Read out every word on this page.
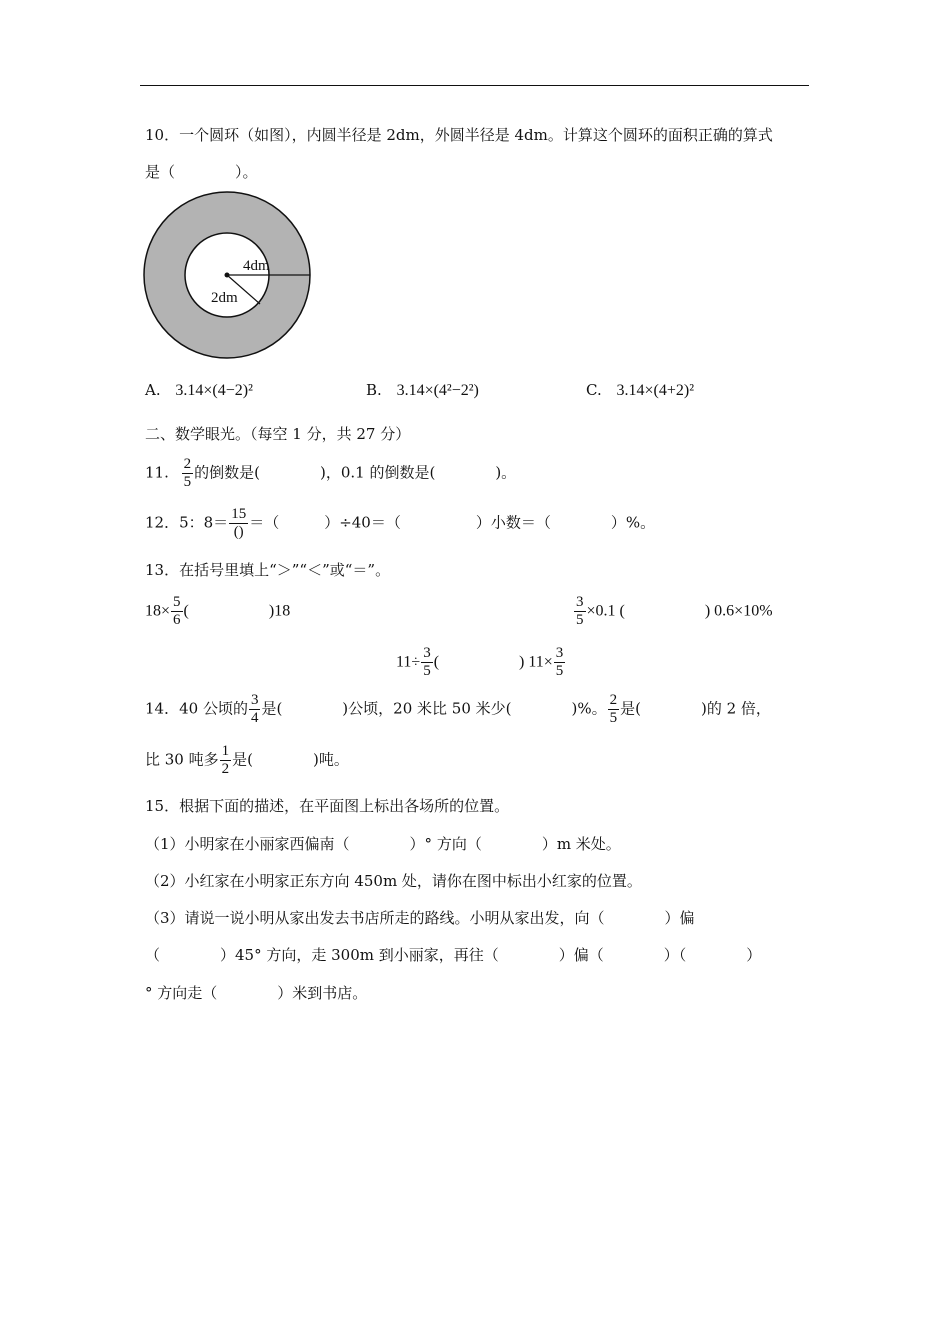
10．一个圆环（如图），内圆半径是 2dm，外圆半径是 4dm。计算这个圆环的面积正确的算式
是（　　　　）。
4dm
2dm
A. 3.14×(4−2)²	B. 3.14×(4²−2²)	C. 3.14×(4+2)²
二、数学眼光。（每空 1 分，共 27 分）
11. $\frac{2}{5}$ 的倒数是(　　　　)，0.1 的倒数是(　　　　)。
12．5：$8= \frac{15}{()}$ ＝（　　　）÷40＝（　　　　　）小数＝（　　　　）%。
13．在括号里填上“＞”“＜”或“＝”。
$18\times \frac{5}{6}$ (　　　　　)18	$\frac{3}{5} \times 0.1$ (　　　　　) 0.6×10%
$11\div \frac{3}{5}$ (　　　　　) $11\times \frac{3}{5}$
14．40 公顷的 $\frac{3}{4}$ 是(　　　　)公顷，20 米比 50 米少(　　　　)%。 $\frac{2}{5}$ 是(　　　　)的 2 倍，
比 30 吨多 $\frac{1}{2}$ 是(　　　　)吨。
15．根据下面的描述，在平面图上标出各场所的位置。
（1）小明家在小丽家西偏南（　　　　）° 方向（　　　　）m 米处。
（2）小红家在小明家正东方向 450m 处，请你在图中标出小红家的位置。
（3）请说一说小明从家出发去书店所走的路线。小明从家出发，向（　　　　）偏
（　　　　）45° 方向，走 300m 到小丽家，再往（　　　　）偏（　　　　）（　　　　）
° 方向走（　　　　）米到书店。
